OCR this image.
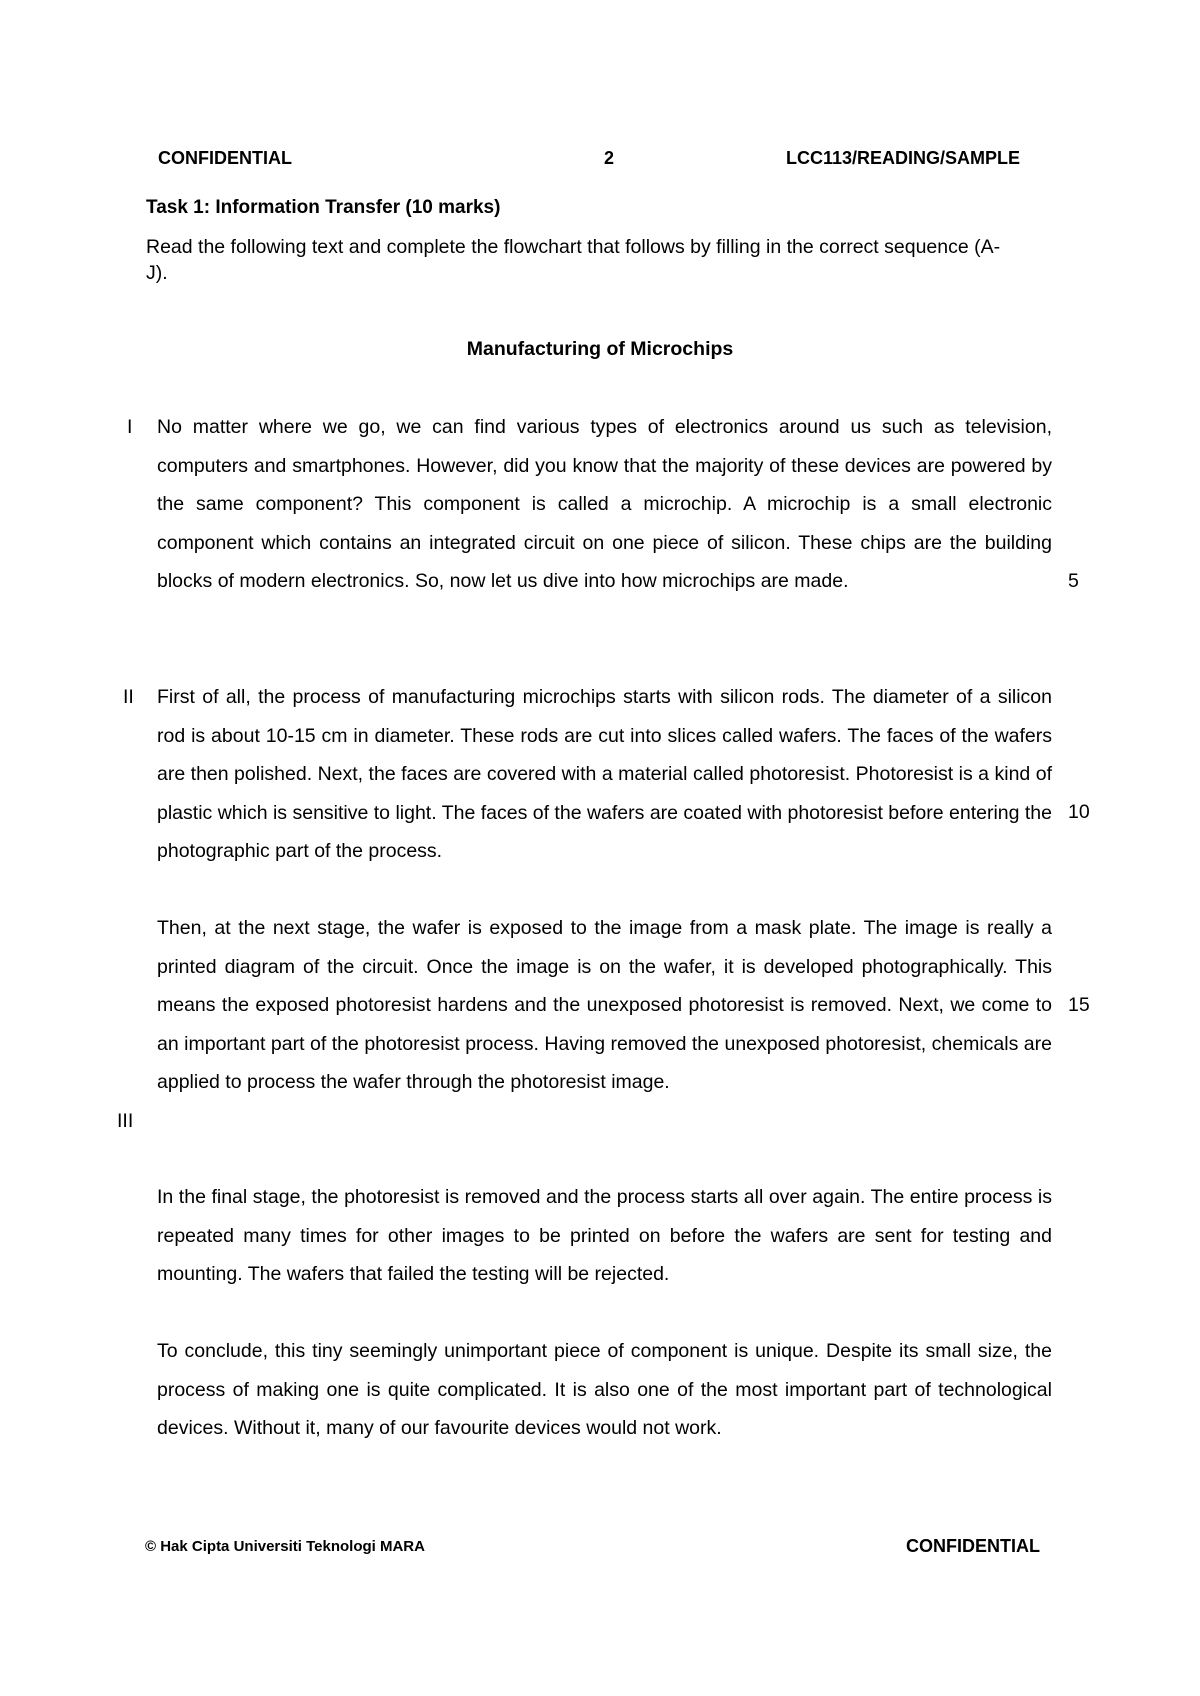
CONFIDENTIAL	2	LCC113/READING/SAMPLE
Task 1: Information Transfer (10 marks)
Read the following text and complete the flowchart that follows by filling in the correct sequence (A-J).
Manufacturing of Microchips
I No matter where we go, we can find various types of electronics around us such as television, computers and smartphones. However, did you know that the majority of these devices are powered by the same component? This component is called a microchip. A microchip is a small electronic component which contains an integrated circuit on one piece of silicon. These chips are the building blocks of modern electronics. So, now let us dive into how microchips are made.	5
II First of all, the process of manufacturing microchips starts with silicon rods. The diameter of a silicon rod is about 10-15 cm in diameter. These rods are cut into slices called wafers. The faces of the wafers are then polished. Next, the faces are covered with a material called photoresist. Photoresist is a kind of plastic which is sensitive to light. The faces of the wafers are coated with photoresist before entering the photographic part of the process.
10
Then, at the next stage, the wafer is exposed to the image from a mask plate. The image is really a printed diagram of the circuit. Once the image is on the wafer, it is developed photographically. This means the exposed photoresist hardens and the unexposed photoresist is removed. Next, we come to an important part of the photoresist process. Having removed the unexposed photoresist, chemicals are applied to process the wafer through the photoresist image.
15
III
In the final stage, the photoresist is removed and the process starts all over again. The entire process is repeated many times for other images to be printed on before the wafers are sent for testing and mounting. The wafers that failed the testing will be rejected.
To conclude, this tiny seemingly unimportant piece of component is unique. Despite its small size, the process of making one is quite complicated. It is also one of the most important part of technological devices. Without it, many of our favourite devices would not work.
© Hak Cipta Universiti Teknologi MARA	CONFIDENTIAL
